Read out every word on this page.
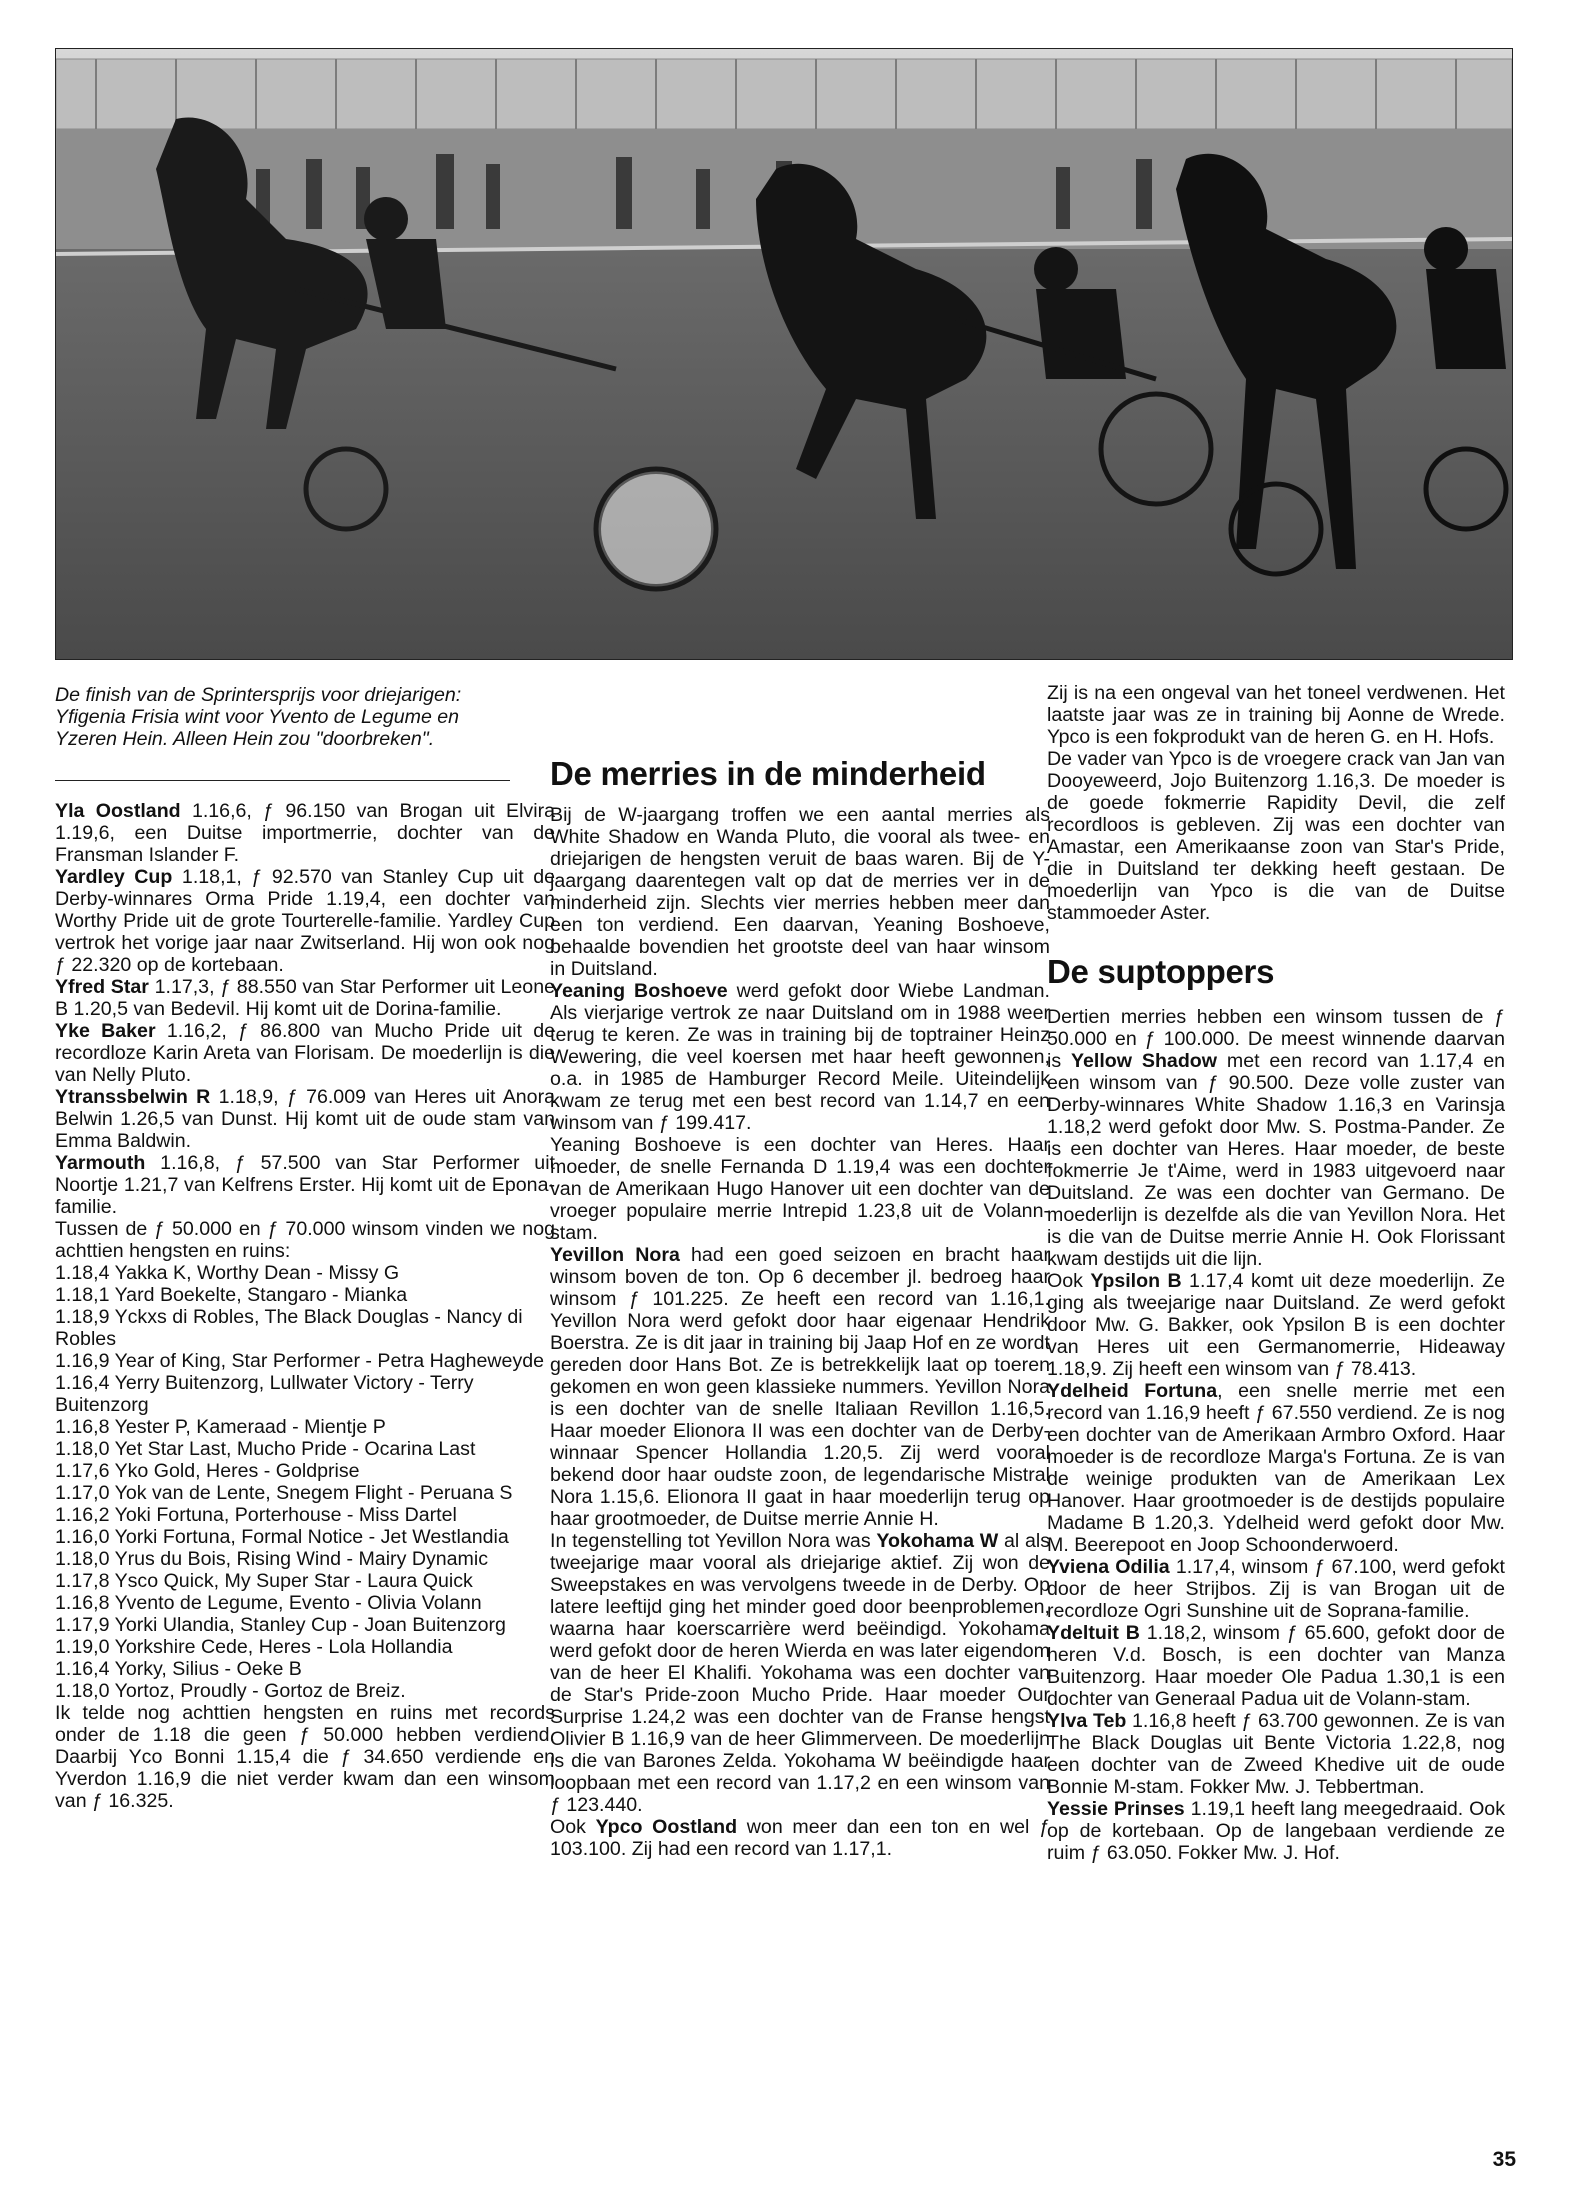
De finish van de Sprintersprijs voor driejarigen: Yfigenia Frisia wint voor Yvento de Legume en Yzeren Hein. Alleen Hein zou "doorbreken".

Yla Oostland 1.16,6, ƒ 96.150 van Brogan uit Elvira 1.19,6, een Duitse importmerrie, dochter van de Fransman Islander F.

Yardley Cup 1.18,1, ƒ 92.570 van Stanley Cup uit de Derby-winnares Orma Pride 1.19,4, een dochter van Worthy Pride uit de grote Tourterelle-familie. Yardley Cup vertrok het vorige jaar naar Zwitserland. Hij won ook nog ƒ 22.320 op de kortebaan.

Yfred Star 1.17,3, ƒ 88.550 van Star Performer uit Leone B 1.20,5 van Bedevil. Hij komt uit de Dorina-familie.

Yke Baker 1.16,2, ƒ 86.800 van Mucho Pride uit de recordloze Karin Areta van Florisam. De moederlijn is die van Nelly Pluto.

Ytranssbelwin R 1.18,9, ƒ 76.009 van Heres uit Anora Belwin 1.26,5 van Dunst. Hij komt uit de oude stam van Emma Baldwin.

Yarmouth 1.16,8, ƒ 57.500 van Star Performer uit Noortje 1.21,7 van Kelfrens Erster. Hij komt uit de Epona-familie.

Tussen de ƒ 50.000 en ƒ 70.000 winsom vinden we nog achttien hengsten en ruins:

1.18,4 Yakka K, Worthy Dean - Missy G
1.18,1 Yard Boekelte, Stangaro - Mianka
1.18,9 Yckxs di Robles, The Black Douglas - Nancy di Robles
1.16,9 Year of King, Star Performer - Petra Hagheweyde
1.16,4 Yerry Buitenzorg, Lullwater Victory - Terry Buitenzorg
1.16,8 Yester P, Kameraad - Mientje P
1.18,0 Yet Star Last, Mucho Pride - Ocarina Last
1.17,6 Yko Gold, Heres - Goldprise
1.17,0 Yok van de Lente, Snegem Flight - Peruana S
1.16,2 Yoki Fortuna, Porterhouse - Miss Dartel
1.16,0 Yorki Fortuna, Formal Notice - Jet Westlandia
1.18,0 Yrus du Bois, Rising Wind - Mairy Dynamic
1.17,8 Ysco Quick, My Super Star - Laura Quick
1.16,8 Yvento de Legume, Evento - Olivia Volann
1.17,9 Yorki Ulandia, Stanley Cup - Joan Buitenzorg
1.19,0 Yorkshire Cede, Heres - Lola Hollandia
1.16,4 Yorky, Silius - Oeke B
1.18,0 Yortoz, Proudly - Gortoz de Breiz.

Ik telde nog achttien hengsten en ruins met records onder de 1.18 die geen ƒ 50.000 hebben verdiend. Daarbij Yco Bonni 1.15,4 die ƒ 34.650 verdiende en Yverdon 1.16,9 die niet verder kwam dan een winsom van ƒ 16.325.

De merries in de minderheid

Bij de W-jaargang troffen we een aantal merries als White Shadow en Wanda Pluto, die vooral als twee- en driejarigen de hengsten veruit de baas waren. Bij de Y-jaargang daarentegen valt op dat de merries ver in de minderheid zijn. Slechts vier merries hebben meer dan een ton verdiend. Een daarvan, Yeaning Boshoeve, behaalde bovendien het grootste deel van haar winsom in Duitsland.

Yeaning Boshoeve werd gefokt door Wiebe Landman. Als vierjarige vertrok ze naar Duitsland om in 1988 weer terug te keren. Ze was in training bij de toptrainer Heinz Wewering, die veel koersen met haar heeft gewonnen, o.a. in 1985 de Hamburger Record Meile. Uiteindelijk kwam ze terug met een best record van 1.14,7 en een winsom van ƒ 199.417.

Yeaning Boshoeve is een dochter van Heres. Haar moeder, de snelle Fernanda D 1.19,4 was een dochter van de Amerikaan Hugo Hanover uit een dochter van de vroeger populaire merrie Intrepid 1.23,8 uit de Volann-stam.

Yevillon Nora had een goed seizoen en bracht haar winsom boven de ton. Op 6 december jl. bedroeg haar winsom ƒ 101.225. Ze heeft een record van 1.16,1. Yevillon Nora werd gefokt door haar eigenaar Hendrik Boerstra. Ze is dit jaar in training bij Jaap Hof en ze wordt gereden door Hans Bot. Ze is betrekkelijk laat op toeren gekomen en won geen klassieke nummers. Yevillon Nora is een dochter van de snelle Italiaan Revillon 1.16,5. Haar moeder Elionora II was een dochter van de Derby-winnaar Spencer Hollandia 1.20,5. Zij werd vooral bekend door haar oudste zoon, de legendarische Mistral Nora 1.15,6. Elionora II gaat in haar moederlijn terug op haar grootmoeder, de Duitse merrie Annie H.

In tegenstelling tot Yevillon Nora was Yokohama W al als tweejarige maar vooral als driejarige aktief. Zij won de Sweepstakes en was vervolgens tweede in de Derby. Op latere leeftijd ging het minder goed door beenproblemen, waarna haar koerscarrière werd beëindigd. Yokohama werd gefokt door de heren Wierda en was later eigendom van de heer El Khalifi. Yokohama was een dochter van de Star's Pride-zoon Mucho Pride. Haar moeder Our Surprise 1.24,2 was een dochter van de Franse hengst Olivier B 1.16,9 van de heer Glimmerveen. De moederlijn is die van Barones Zelda. Yokohama W beëindigde haar loopbaan met een record van 1.17,2 en een winsom van ƒ 123.440.

Ook Ypco Oostland won meer dan een ton en wel ƒ 103.100. Zij had een record van 1.17,1.

Zij is na een ongeval van het toneel verdwenen. Het laatste jaar was ze in training bij Aonne de Wrede. Ypco is een fokprodukt van de heren G. en H. Hofs.

De vader van Ypco is de vroegere crack van Jan van Dooyeweerd, Jojo Buitenzorg 1.16,3. De moeder is de goede fokmerrie Rapidity Devil, die zelf recordloos is gebleven. Zij was een dochter van Amastar, een Amerikaanse zoon van Star's Pride, die in Duitsland ter dekking heeft gestaan. De moederlijn van Ypco is die van de Duitse stammoeder Aster.

De suptoppers

Dertien merries hebben een winsom tussen de ƒ 50.000 en ƒ 100.000. De meest winnende daarvan is Yellow Shadow met een record van 1.17,4 en een winsom van ƒ 90.500. Deze volle zuster van Derby-winnares White Shadow 1.16,3 en Varinsja 1.18,2 werd gefokt door Mw. S. Postma-Pander. Ze is een dochter van Heres. Haar moeder, de beste fokmerrie Je t'Aime, werd in 1983 uitgevoerd naar Duitsland. Ze was een dochter van Germano. De moederlijn is dezelfde als die van Yevillon Nora. Het is die van de Duitse merrie Annie H. Ook Florissant kwam destijds uit die lijn.

Ook Ypsilon B 1.17,4 komt uit deze moederlijn. Ze ging als tweejarige naar Duitsland. Ze werd gefokt door Mw. G. Bakker, ook Ypsilon B is een dochter van Heres uit een Germanomerrie, Hideaway 1.18,9. Zij heeft een winsom van ƒ 78.413.

Ydelheid Fortuna, een snelle merrie met een record van 1.16,9 heeft ƒ 67.550 verdiend. Ze is nog een dochter van de Amerikaan Armbro Oxford. Haar moeder is de recordloze Marga's Fortuna. Ze is van de weinige produkten van de Amerikaan Lex Hanover. Haar grootmoeder is de destijds populaire Madame B 1.20,3. Ydelheid werd gefokt door Mw. M. Beerepoot en Joop Schoonderwoerd.

Yviena Odilia 1.17,4, winsom ƒ 67.100, werd gefokt door de heer Strijbos. Zij is van Brogan uit de recordloze Ogri Sunshine uit de Soprana-familie.

Ydeltuit B 1.18,2, winsom ƒ 65.600, gefokt door de heren V.d. Bosch, is een dochter van Manza Buitenzorg. Haar moeder Ole Padua 1.30,1 is een dochter van Generaal Padua uit de Volann-stam.

Ylva Teb 1.16,8 heeft ƒ 63.700 gewonnen. Ze is van The Black Douglas uit Bente Victoria 1.22,8, nog een dochter van de Zweed Khedive uit de oude Bonnie M-stam. Fokker Mw. J. Tebbertman.

Yessie Prinses 1.19,1 heeft lang meegedraaid. Ook op de kortebaan. Op de langebaan verdiende ze ruim ƒ 63.050. Fokker Mw. J. Hof.

35
